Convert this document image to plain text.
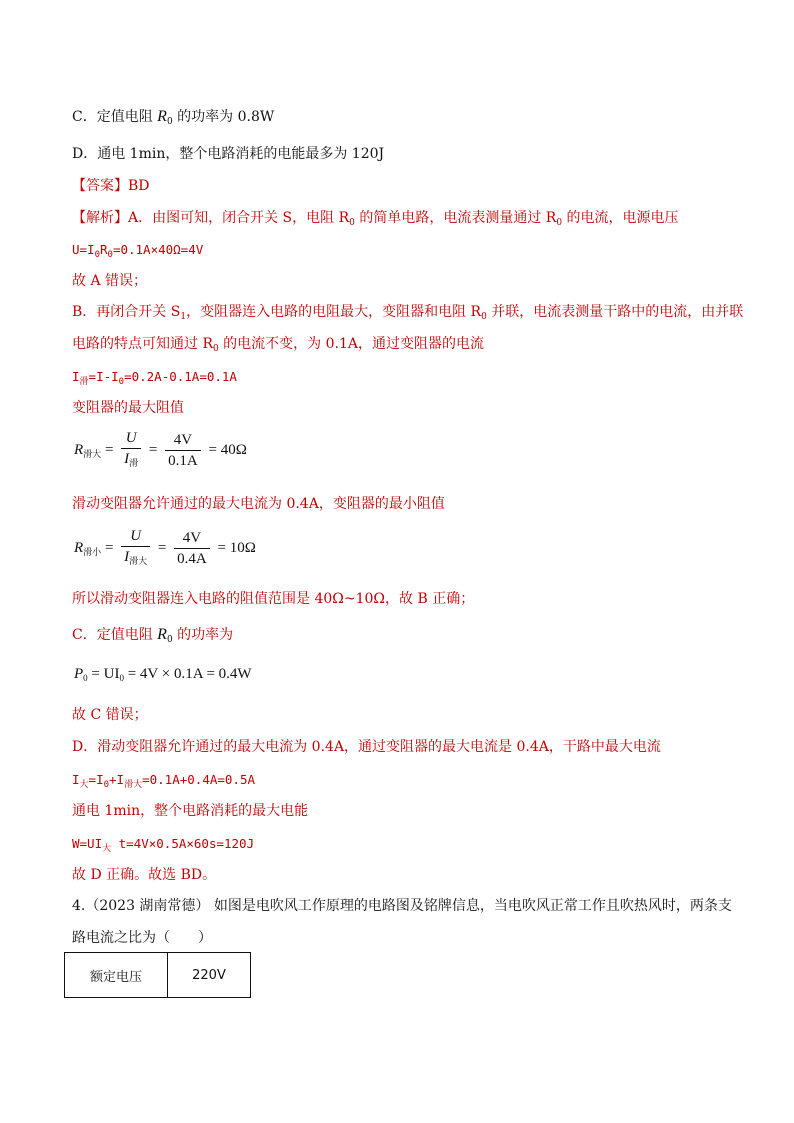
C．定值电阻 $R_0$ 的功率为 0.8W
D．通电 1min，整个电路消耗的电能最多为 120J
【答案】BD
【解析】A．由图可知，闭合开关 S，电阻 $R_0$ 的简单电路，电流表测量通过 $R_0$ 的电流，电源电压
$U=I_0R_0=0.1A\times 40\Omega=4V$
故 A 错误；
B．再闭合开关 $S_1$，变阻器连入电路的电阻最大，变阻器和电阻 $R_0$ 并联，电流表测量干路中的电流，由并联
电路的特点可知通过 $R_0$ 的电流不变，为 0.1A，通过变阻器的电流
$I_滑=I-I_0=0.2A-0.1A=0.1A$
变阻器的最大阻值
$R_{滑大}$ =
U
$I_滑$
= $\frac{4V}{0.1A} = 40\Omega$
滑动变阻器允许通过的最大电流为 0.4A，变阻器的最小阻值
$R_{滑小}$ =
U
$I_{滑大}$
= $\frac{4V}{0.4A} = 10\Omega$
所以滑动变阻器连入电路的阻值范围是 40Ω~10Ω，故 B 正确；
C．定值电阻 $R_0$ 的功率为
$P_0 = UI_0 = 4V \times 0.1A = 0.4W$
故 C 错误；
D．滑动变阻器允许通过的最大电流为 0.4A，通过变阻器的最大电流是 0.4A，干路中最大电流
$I_大=I_0+I_{滑大}=0.1A+0.4A=0.5A$
通电 1min，整个电路消耗的最大电能
$W=UI_大$ t=4V×0.5A×60s=120J
故 D 正确。故选 BD。
4.（2023 湖南常德） 如图是电吹风工作原理的电路图及铭牌信息，当电吹风正常工作且吹热风时，两条支
路电流之比为（　　）
额定电压	220V
